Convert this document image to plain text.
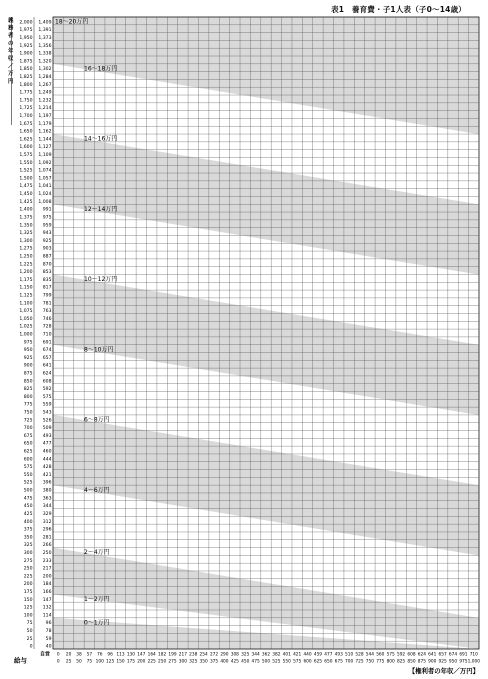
表1　養育費・子1人表（子0～14歳）
義務者の年収／万円
2,000 1,409
1,975 1,391
1,950 1,373
1,925 1,356
1,900 1,338
1,875 1,320
1,850 1,302
1,825 1,284
1,800 1,267
1,775 1,249
1,750 1,232
1,725 1,214
1,700 1,197
1,675 1,179
1,650 1,162
1,625 1,144
1,600 1,127
1,575 1,109
1,550 1,092
1,525 1,074
1,500 1,057
1,475 1,041
1,450 1,024
1,425 1,008
1,400 991
1,375 975
1,350 959
1,325 943
1,300 925
1,275 903
1,250 887
1,225 870
1,200 853
1,175 835
1,150 817
1,125 799
1,100 781
1,075 763
1,050 746
1,025 728
1,000 710
975 691
950 674
925 657
900 641
875 624
850 608
825 592
800 575
775 559
750 543
725 526
700 509
675 493
650 477
625 460
600 444
575 428
550 421
525 396
500 380
475 363
450 344
425 329
400 312
375 296
350 281
325 266
300 250
275 233
250 217
225 200
200 184
175 166
150 147
125 132
100 114
75	96
50	78
25	59
0	40
18～20万円
16～18万円
14～16万円
12～14万円
10～12万円
8～10万円
6～8万円
4～6万円
2～4万円
1～2万円
0～1万円
0 20 38 57 76 96 113 130 147 164 182 199 217 238 254 272 290 308 325 344 362 382 401 421 440 459 477 493 510 528 544 560 575 592 608 624 641 657 674 691 710
0 25 50 75 100 125 150 175 200 225 250 275 300 325 350 375 400 425 450 475 500 525 550 575 600 625 650 675 700 725 750 775 800 825 850 875 900 925 950 975 1,000
自営
給与
【権利者の年収／万円】
